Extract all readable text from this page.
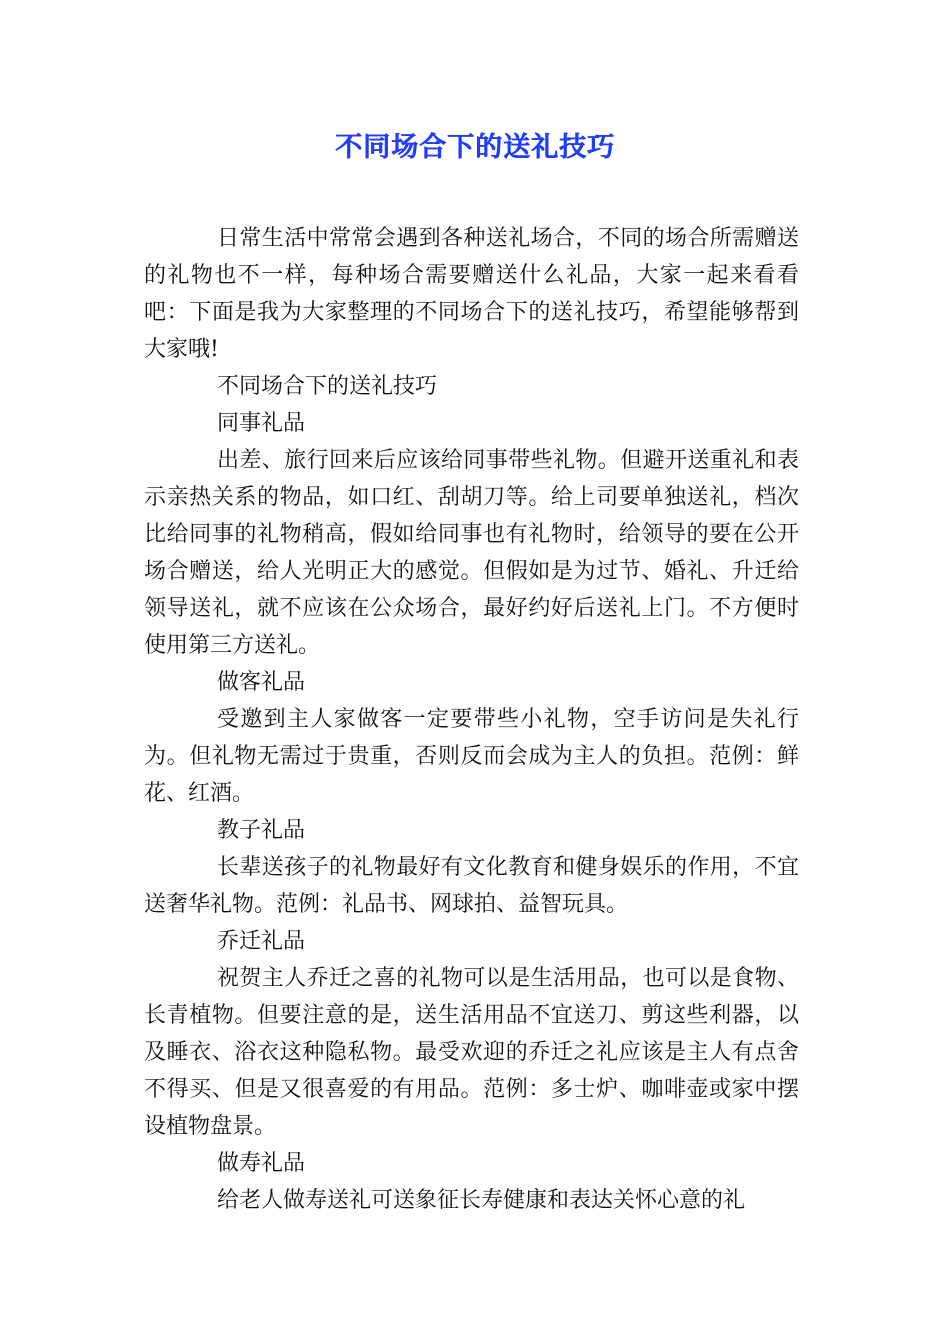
不同场合下的送礼技巧

日常生活中常常会遇到各种送礼场合，不同的场合所需赠送的礼物也不一样，每种场合需要赠送什么礼品，大家一起来看看吧：下面是我为大家整理的不同场合下的送礼技巧，希望能够帮到大家哦!

不同场合下的送礼技巧

同事礼品

出差、旅行回来后应该给同事带些礼物。但避开送重礼和表示亲热关系的物品，如口红、刮胡刀等。给上司要单独送礼，档次比给同事的礼物稍高，假如给同事也有礼物时，给领导的要在公开场合赠送，给人光明正大的感觉。但假如是为过节、婚礼、升迁给领导送礼，就不应该在公众场合，最好约好后送礼上门。不方便时使用第三方送礼。

做客礼品

受邀到主人家做客一定要带些小礼物，空手访问是失礼行为。但礼物无需过于贵重，否则反而会成为主人的负担。范例：鲜花、红酒。

教子礼品

长辈送孩子的礼物最好有文化教育和健身娱乐的作用，不宜送奢华礼物。范例：礼品书、网球拍、益智玩具。

乔迁礼品

祝贺主人乔迁之喜的礼物可以是生活用品，也可以是食物、长青植物。但要注意的是，送生活用品不宜送刀、剪这些利器，以及睡衣、浴衣这种隐私物。最受欢迎的乔迁之礼应该是主人有点舍不得买、但是又很喜爱的有用品。范例：多士炉、咖啡壶或家中摆设植物盘景。

做寿礼品

给老人做寿送礼可送象征长寿健康和表达关怀心意的礼
